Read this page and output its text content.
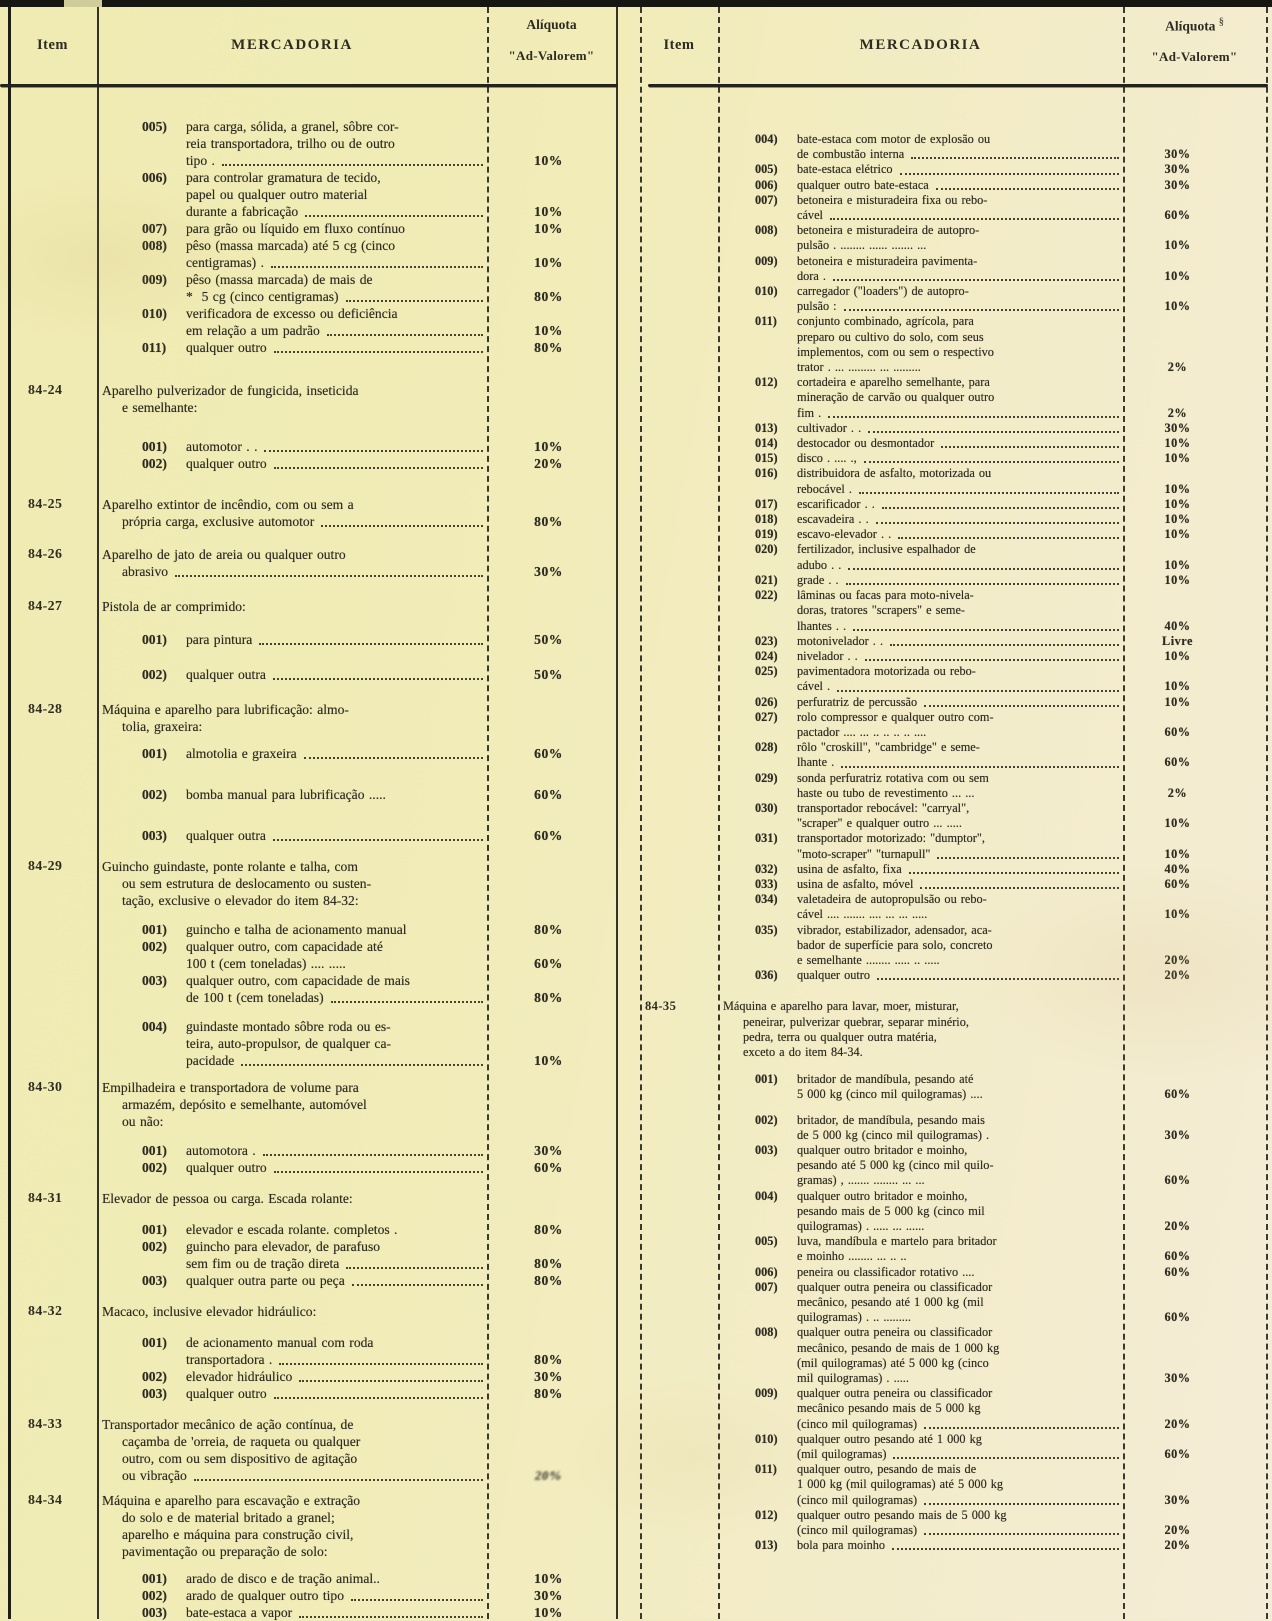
Item	MERCADORIA
Alíquota
"Ad-Valorem"
Item	MERCADORIA
Alíquota §
"Ad-Valorem"
005)	para carga, sólida, a granel, sôbre cor-
reia transportadora, trilho ou de outro
tipo .	10%
006)	para controlar gramatura de tecido,
papel ou qualquer outro material
durante a fabricação	10%
007)	para grão ou líquido em fluxo contínuo	10%
008)	pêso (massa marcada) até 5 cg (cinco
centigramas) .	10%
009)	pêso (massa marcada) de mais de
*  5 cg (cinco centigramas)	80%
010)	verificadora de excesso ou deficiência
em relação a um padrão	10%
011)	qualquer outro	80%
84-24	Aparelho pulverizador de fungicida, inseticida
e semelhante:
001)	automotor . .	10%
002)	qualquer outro	20%
84-25	Aparelho extintor de incêndio, com ou sem a
própria carga, exclusive automotor	80%
84-26	Aparelho de jato de areia ou qualquer outro
abrasivo	30%
84-27	Pistola de ar comprimido:
001)	para pintura	50%
002)	qualquer outra	50%
84-28	Máquina e aparelho para lubrificação: almo-
tolia, graxeira:
001)	almotolia e graxeira	60%
002)	bomba manual para lubrificação .....	60%
003)	qualquer outra	60%
84-29	Guincho guindaste, ponte rolante e talha, com
ou sem estrutura de deslocamento ou susten-
tação, exclusive o elevador do item 84-32:
001)	guincho e talha de acionamento manual	80%
002)	qualquer outro, com capacidade até
100 t (cem toneladas) .... .....	60%
003)	qualquer outro, com capacidade de mais
de 100 t (cem toneladas)	80%
004)	guindaste montado sôbre roda ou es-
teira, auto-propulsor, de qualquer ca-
pacidade	10%
84-30	Empilhadeira e transportadora de volume para
armazém, depósito e semelhante, automóvel
ou não:
001)	automotora .	30%
002)	qualquer outro	60%
84-31	Elevador de pessoa ou carga. Escada rolante:
001)	elevador e escada rolante. completos .	80%
002)	guincho para elevador, de parafuso
sem fim ou de tração direta	80%
003)	qualquer outra parte ou peça	80%
84-32	Macaco, inclusive elevador hidráulico:
001)	de acionamento manual com roda
transportadora .	80%
002)	elevador hidráulico	30%
003)	qualquer outro	80%
84-33	Transportador mecânico de ação contínua, de
caçamba de 'orreia, de raqueta ou qualquer
outro, com ou sem dispositivo de agitação
ou vibração	20%
84-34	Máquina e aparelho para escavação e extração
do solo e de material britado a granel;
aparelho e máquina para construção civil,
pavimentação ou preparação de solo:
001)	arado de disco e de tração animal..	10%
002)	arado de qualquer outro tipo	30%
003)	bate-estaca a vapor	10%
004)	bate-estaca com motor de explosão ou
de combustão interna	30%
005)	bate-estaca elétrico	30%
006)	qualquer outro bate-estaca	30%
007)	betoneira e misturadeira fixa ou rebo-
cável	60%
008)	betoneira e misturadeira de autopro-
pulsão . ........ ...... ....... ...	10%
009)	betoneira e misturadeira pavimenta-
dora .	10%
010)	carregador ("loaders") de autopro-
pulsão :	10%
011)	conjunto combinado, agrícola, para
preparo ou cultivo do solo, com seus
implementos, com ou sem o respectivo
trator . ... ......... ... .........	2%
012)	cortadeira e aparelho semelhante, para
mineração de carvão ou qualquer outro
fim .	2%
013)	cultivador . .	30%
014)	destocador ou desmontador	10%
015)	disco . .... .,	10%
016)	distribuidora de asfalto, motorizada ou
rebocável .	10%
017)	escarificador . .	10%
018)	escavadeira . .	10%
019)	escavo-elevador . .	10%
020)	fertilizador, inclusive espalhador de
adubo . .	10%
021)	grade . .	10%
022)	lâminas ou facas para moto-nivela-
doras, tratores "scrapers" e seme-
lhantes . .	40%
023)	motonivelador . .	Livre
024)	nivelador . .	10%
025)	pavimentadora motorizada ou rebo-
cável .	10%
026)	perfuratriz de percussão	10%
027)	rolo compressor e qualquer outro com-
pactador .... ... .. .. .. .. ....	60%
028)	rôlo "croskill", "cambridge" e seme-
lhante .	60%
029)	sonda perfuratriz rotativa com ou sem
haste ou tubo de revestimento ... ...	2%
030)	transportador rebocável: "carryal",
"scraper" e qualquer outro ... .....	10%
031)	transportador motorizado: "dumptor",
"moto-scraper" "turnapull"	10%
032)	usina de asfalto, fixa	40%
033)	usina de asfalto, móvel	60%
034)	valetadeira de autopropulsão ou rebo-
cável .... ....... .... ... ... .....	10%
035)	vibrador, estabilizador, adensador, aca-
bador de superfície para solo, concreto
e semelhante ........ ..... .. .....	20%
036)	qualquer outro	20%
84-35	Máquina e aparelho para lavar, moer, misturar,
peneirar, pulverizar quebrar, separar minério,
pedra, terra ou qualquer outra matéria,
exceto a do item 84-34.
001)	britador de mandíbula, pesando até
5 000 kg (cinco mil quilogramas) ....	60%
002)	britador, de mandíbula, pesando mais
de 5 000 kg (cinco mil quilogramas) .	30%
003)	qualquer outro britador e moinho,
pesando até 5 000 kg (cinco mil quilo-
gramas) , ....... ........ ... ...	60%
004)	qualquer outro britador e moinho,
pesando mais de 5 000 kg (cinco mil
quilogramas) . ..... ... ......	20%
005)	luva, mandíbula e martelo para britador
e moinho ........ ... .. ..	60%
006)	peneira ou classificador rotativo ....	60%
007)	qualquer outra peneira ou classificador
mecânico, pesando até 1 000 kg (mil
quilogramas) . .. .........	60%
008)	qualquer outra peneira ou classificador
mecânico, pesando de mais de 1 000 kg
(mil quilogramas) até 5 000 kg (cinco
mil quilogramas) . .....	30%
009)	qualquer outra peneira ou classificador
mecânico pesando mais de 5 000 kg
(cinco mil quilogramas)	20%
010)	qualquer outro pesando até 1 000 kg
(mil quilogramas)	60%
011)	qualquer outro, pesando de mais de
1 000 kg (mil quilogramas) até 5 000 kg
(cinco mil quilogramas)	30%
012)	qualquer outro pesando mais de 5 000 kg
(cinco mil quilogramas)	20%
013)	bola para moinho	20%
